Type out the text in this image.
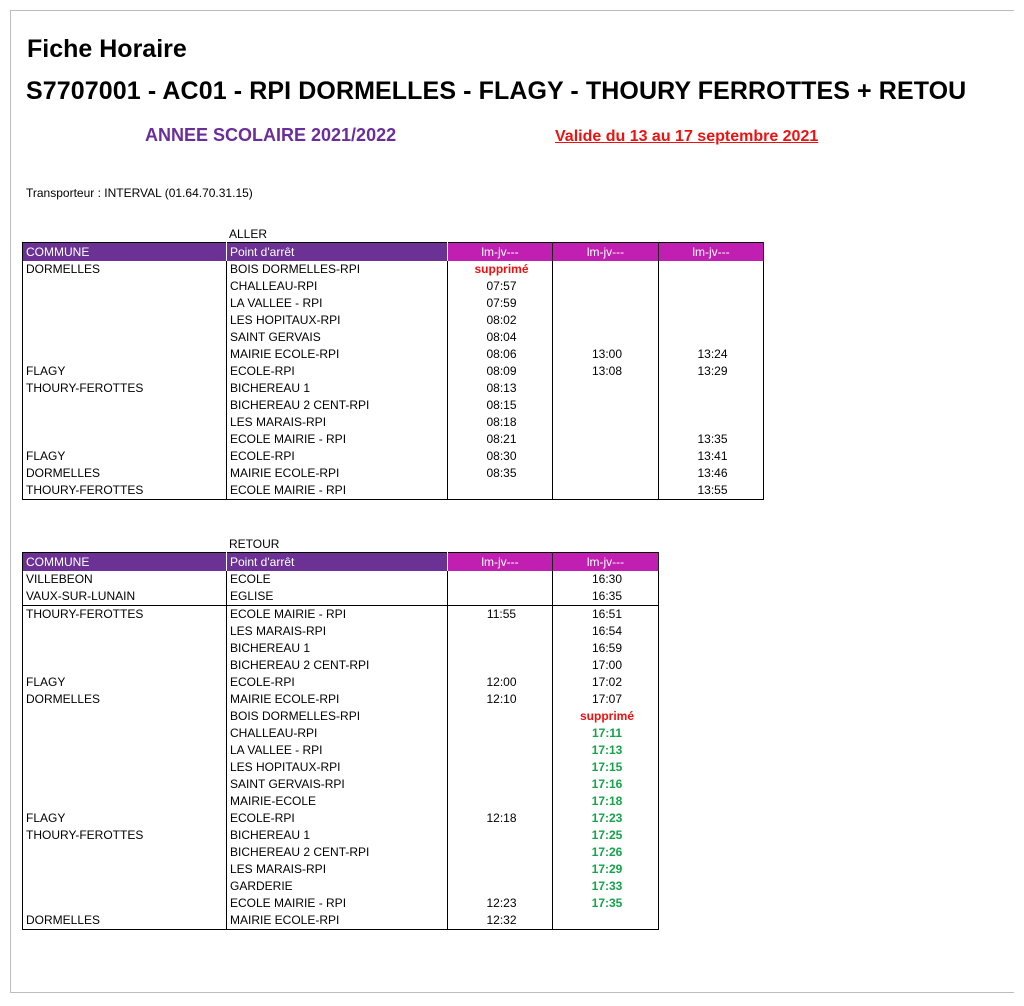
Fiche Horaire
S7707001 - AC01 - RPI DORMELLES - FLAGY - THOURY FERROTTES + RETOU
ANNEE SCOLAIRE 2021/2022	Valide du 13 au 17 septembre 2021
Transporteur : INTERVAL (01.64.70.31.15)
ALLER
COMMUNE	Point d'arrêt	lm-jv---	lm-jv---	lm-jv---
DORMELLES	BOIS DORMELLES-RPI	supprimé		
	CHALLEAU-RPI	07:57		
	LA VALLEE - RPI	07:59		
	LES HOPITAUX-RPI	08:02		
	SAINT GERVAIS	08:04		
	MAIRIE ECOLE-RPI	08:06	13:00	13:24
FLAGY	ECOLE-RPI	08:09	13:08	13:29
THOURY-FEROTTES	BICHEREAU 1	08:13		
	BICHEREAU 2 CENT-RPI	08:15		
	LES MARAIS-RPI	08:18		
	ECOLE MAIRIE - RPI	08:21		13:35
FLAGY	ECOLE-RPI	08:30		13:41
DORMELLES	MAIRIE ECOLE-RPI	08:35		13:46
THOURY-FEROTTES	ECOLE MAIRIE - RPI			13:55
RETOUR
COMMUNE	Point d'arrêt	lm-jv---	lm-jv---
VILLEBEON	ECOLE		16:30
VAUX-SUR-LUNAIN	EGLISE		16:35
THOURY-FEROTTES	ECOLE MAIRIE - RPI	11:55	16:51
	LES MARAIS-RPI		16:54
	BICHEREAU 1		16:59
	BICHEREAU 2 CENT-RPI		17:00
FLAGY	ECOLE-RPI	12:00	17:02
DORMELLES	MAIRIE ECOLE-RPI	12:10	17:07
	BOIS DORMELLES-RPI		supprimé
	CHALLEAU-RPI		17:11
	LA VALLEE - RPI		17:13
	LES HOPITAUX-RPI		17:15
	SAINT GERVAIS-RPI		17:16
	MAIRIE-ECOLE		17:18
FLAGY	ECOLE-RPI	12:18	17:23
THOURY-FEROTTES	BICHEREAU 1		17:25
	BICHEREAU 2 CENT-RPI		17:26
	LES MARAIS-RPI		17:29
	GARDERIE		17:33
	ECOLE MAIRIE - RPI	12:23	17:35
DORMELLES	MAIRIE ECOLE-RPI	12:32	
